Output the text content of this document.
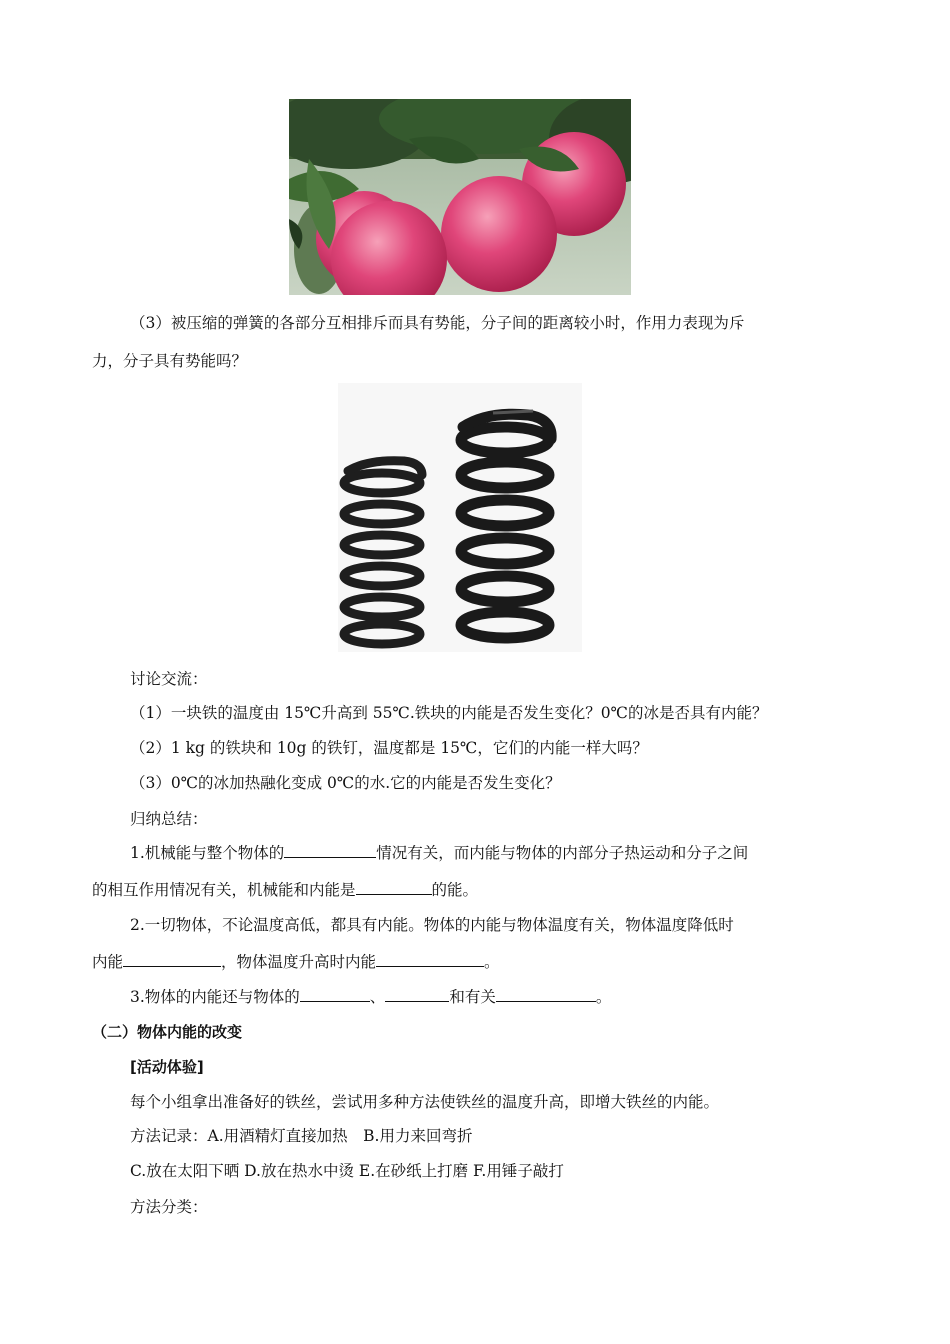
（3）被压缩的弹簧的各部分互相排斥而具有势能，分子间的距离较小时，作用力表现为斥
力，分子具有势能吗？
讨论交流：
（1）一块铁的温度由 15℃升高到 55℃.铁块的内能是否发生变化？0℃的冰是否具有内能？
（2）1 kg 的铁块和 10g 的铁钉，温度都是 15℃，它们的内能一样大吗？
（3）0℃的冰加热融化变成 0℃的水.它的内能是否发生变化？
归纳总结：
1.机械能与整个物体的	情况有关，而内能与物体的内部分子热运动和分子之间
的相互作用情况有关，机械能和内能是	的能。
2.一切物体，不论温度高低，都具有内能。物体的内能与物体温度有关，物体温度降低时
内能	，物体温度升高时内能	。
3.物体的内能还与物体的	、	和有关	。
（二）物体内能的改变
[活动体验]
每个小组拿出准备好的铁丝，尝试用多种方法使铁丝的温度升高，即增大铁丝的内能。
方法记录：A.用酒精灯直接加热　B.用力来回弯折
C.放在太阳下晒 D.放在热水中烫 E.在砂纸上打磨 F.用锤子敲打
方法分类：
